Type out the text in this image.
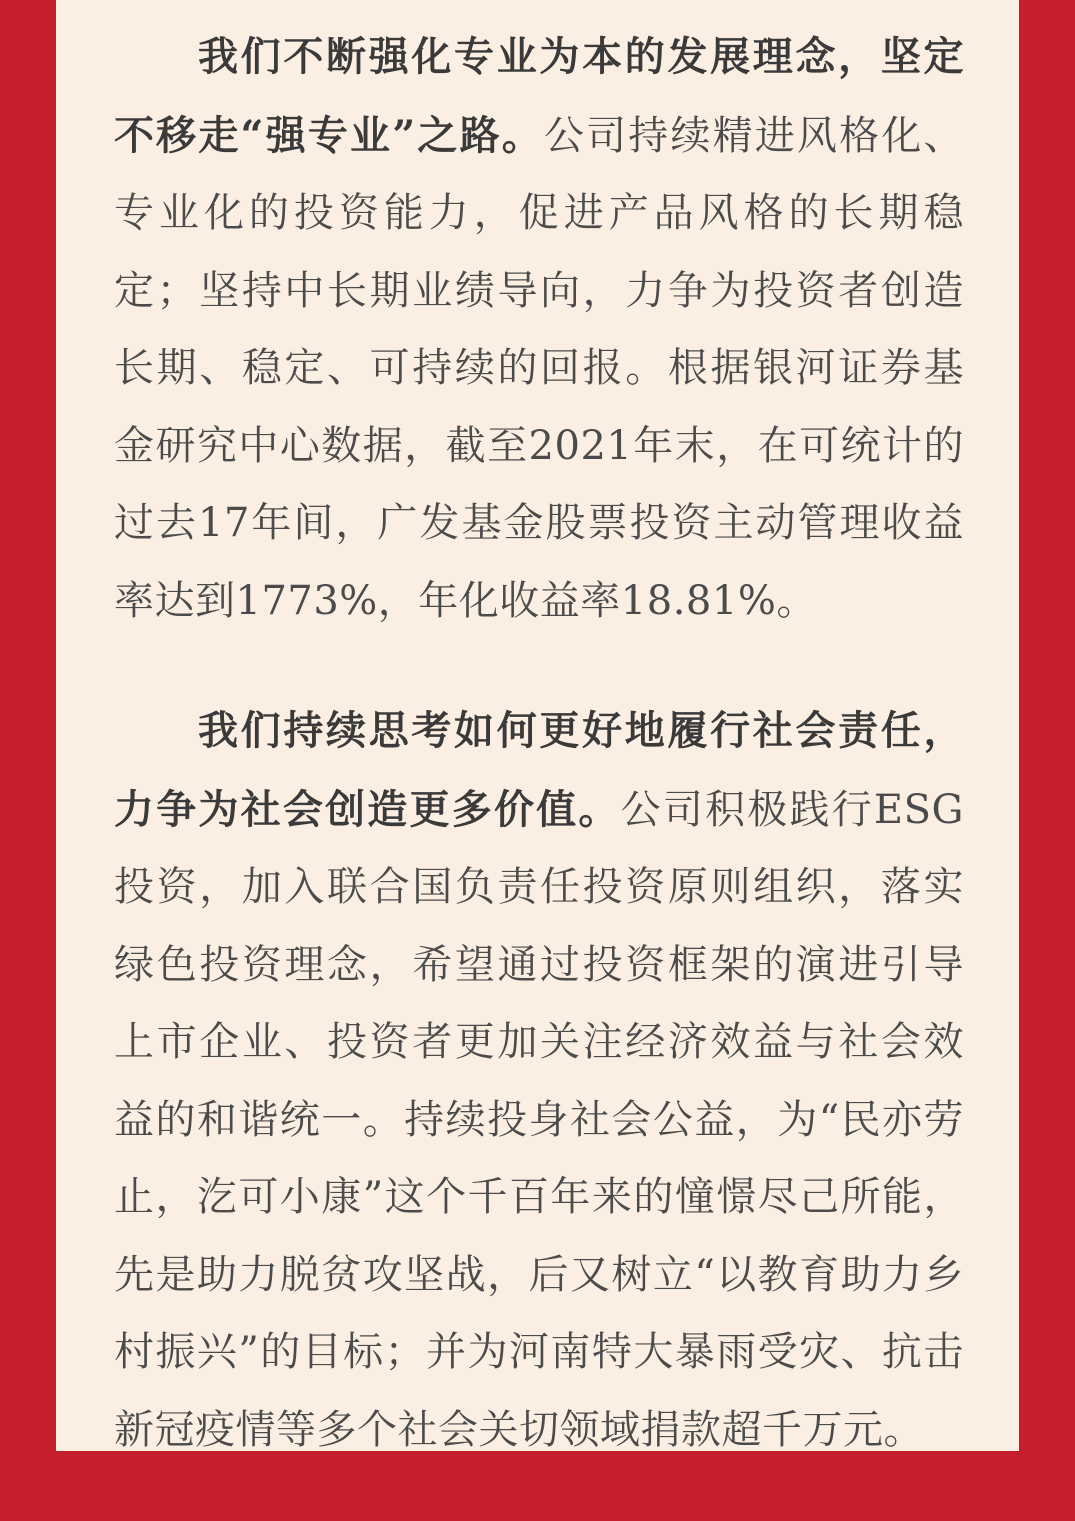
我们不断强化专业为本的发展理念，坚定不移走“强专业”之路。公司持续精进风格化、专业化的投资能力，促进产品风格的长期稳定；坚持中长期业绩导向，力争为投资者创造长期、稳定、可持续的回报。根据银河证券基金研究中心数据，截至2021年末，在可统计的过去17年间，广发基金股票投资主动管理收益率达到1773%，年化收益率18.81%。

我们持续思考如何更好地履行社会责任，力争为社会创造更多价值。公司积极践行ESG投资，加入联合国负责任投资原则组织，落实绿色投资理念，希望通过投资框架的演进引导上市企业、投资者更加关注经济效益与社会效益的和谐统一。持续投身社会公益，为“民亦劳止，汔可小康”这个千百年来的憧憬尽己所能，先是助力脱贫攻坚战，后又树立“以教育助力乡村振兴”的目标；并为河南特大暴雨受灾、抗击新冠疫情等多个社会关切领域捐款超千万元。
